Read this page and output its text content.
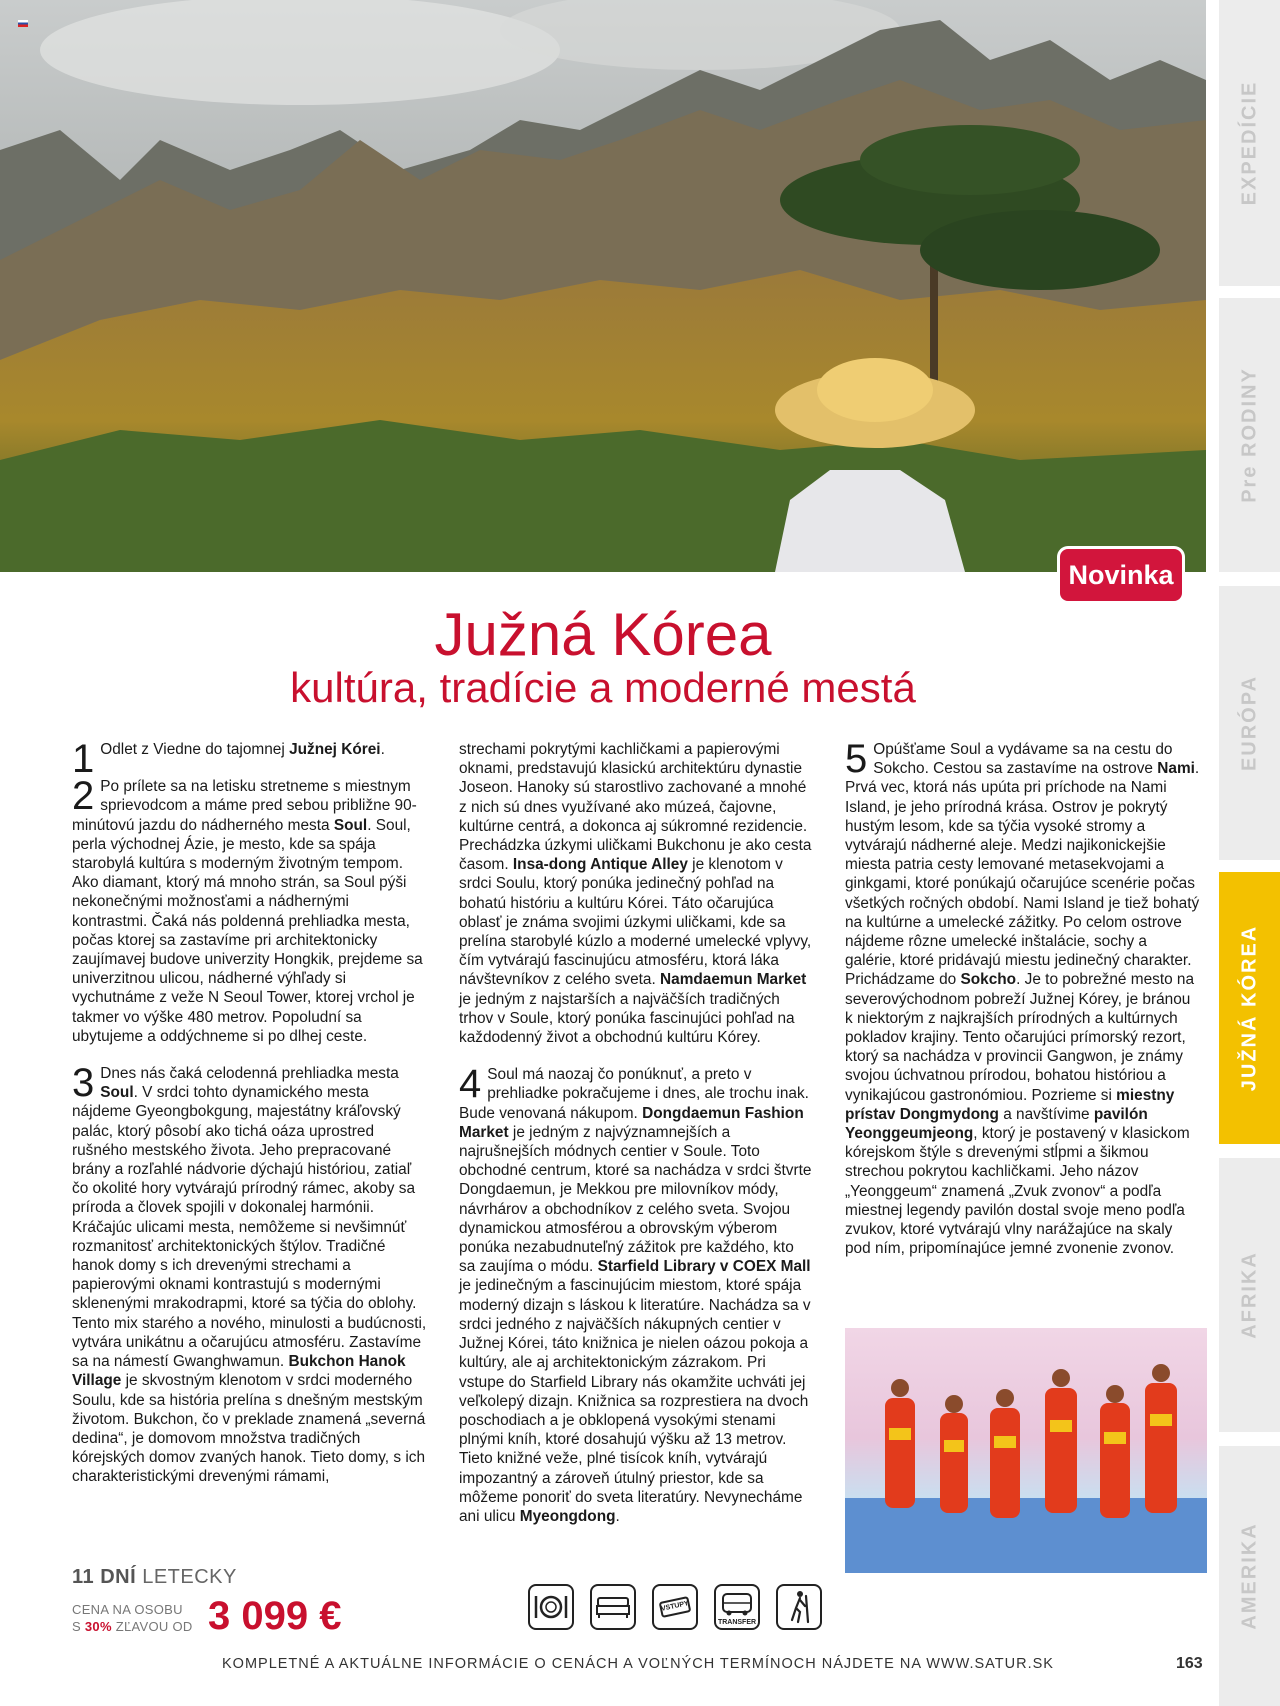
Novinka
EXPEDÍCIE
Pre RODINY
EURÓPA
JUŽNÁ KÓREA
AFRIKA
AMERIKA
Južná Kórea
kultúra, tradície a moderné mestá
1 Odlet z Viedne do tajomnej Južnej Kórei.

2 Po prílete sa na letisku stretneme s miestnym sprievodcom a máme pred sebou približne 90-minútovú jazdu do nádherného mesta Soul. Soul, perla východnej Ázie, je mesto, kde sa spája starobylá kultúra s moderným životným tempom. Ako diamant, ktorý má mnoho strán, sa Soul pýši nekonečnými možnosťami a nádhernými kontrastmi. Čaká nás poldenná prehliadka mesta, počas ktorej sa zastavíme pri architektonicky zaujímavej budove univerzity Hongkik, prejdeme sa univerzitnou ulicou, nádherné výhľady si vychutnáme z veže N Seoul Tower, ktorej vrchol je takmer vo výške 480 metrov. Popoludní sa ubytujeme a oddýchneme si po dlhej ceste.

3 Dnes nás čaká celodenná prehliadka mesta Soul. V srdci tohto dynamického mesta nájdeme Gyeongbokgung, majestátny kráľovský palác, ktorý pôsobí ako tichá oáza uprostred rušného mestského života. Jeho prepracované brány a rozľahlé nádvorie dýchajú históriou, zatiaľ čo okolité hory vytvárajú prírodný rámec, akoby sa príroda a človek spojili v dokonalej harmónii. Kráčajúc ulicami mesta, nemôžeme si nevšimnúť rozmanitosť architektonických štýlov. Tradičné hanok domy s ich drevenými strechami a papierovými oknami kontrastujú s modernými sklenenými mrakodrapmi, ktoré sa týčia do oblohy. Tento mix starého a nového, minulosti a budúcnosti, vytvára unikátnu a očarujúcu atmosféru. Zastavíme sa na námestí Gwanghwamun. Bukchon Hanok Village je skvostným klenotom v srdci moderného Soulu, kde sa história prelína s dnešným mestským životom. Bukchon, čo v preklade znamená „severná dedina“, je domovom množstva tradičných kórejských domov zvaných hanok. Tieto domy, s ich charakteristickými drevenými rámami,

strechami pokrytými kachličkami a papierovými oknami, predstavujú klasickú architektúru dynastie Joseon. Hanoky sú starostlivo zachované a mnohé z nich sú dnes využívané ako múzeá, čajovne, kultúrne centrá, a dokonca aj súkromné rezidencie. Prechádzka úzkymi uličkami Bukchonu je ako cesta časom. Insa-dong Antique Alley je klenotom v srdci Soulu, ktorý ponúka jedinečný pohľad na bohatú históriu a kultúru Kórei. Táto očarujúca oblasť je známa svojimi úzkymi uličkami, kde sa prelína starobylé kúzlo a moderné umelecké vplyvy, čím vytvárajú fascinujúcu atmosféru, ktorá láka návštevníkov z celého sveta. Namdaemun Market je jedným z najstarších a najväčších tradičných trhov v Soule, ktorý ponúka fascinujúci pohľad na každodenný život a obchodnú kultúru Kórey.

4 Soul má naozaj čo ponúknuť, a preto v prehliadke pokračujeme i dnes, ale trochu inak. Bude venovaná nákupom. Dongdaemun Fashion Market je jedným z najvýznamnejších a najrušnejších módnych centier v Soule. Toto obchodné centrum, ktoré sa nachádza v srdci štvrte Dongdaemun, je Mekkou pre milovníkov módy, návrhárov a obchodníkov z celého sveta. Svojou dynamickou atmosférou a obrovským výberom ponúka nezabudnuteľný zážitok pre každého, kto sa zaujíma o módu. Starfield Library v COEX Mall je jedinečným a fascinujúcim miestom, ktoré spája moderný dizajn s láskou k literatúre. Nachádza sa v srdci jedného z najväčších nákupných centier v Južnej Kórei, táto knižnica je nielen oázou pokoja a kultúry, ale aj architektonickým zázrakom. Pri vstupe do Starfield Library nás okamžite uchváti jej veľkolepý dizajn. Knižnica sa rozprestiera na dvoch poschodiach a je obklopená vysokými stenami plnými kníh, ktoré dosahujú výšku až 13 metrov. Tieto knižné veže, plné tisícok kníh, vytvárajú impozantný a zároveň útulný priestor, kde sa môžeme ponoriť do sveta literatúry. Nevynecháme ani ulicu Myeongdong.

5 Opúšťame Soul a vydávame sa na cestu do Sokcho. Cestou sa zastavíme na ostrove Nami. Prvá vec, ktorá nás upúta pri príchode na Nami Island, je jeho prírodná krása. Ostrov je pokrytý hustým lesom, kde sa týčia vysoké stromy a vytvárajú nádherné aleje. Medzi najikonickejšie miesta patria cesty lemované metasekvojami a ginkgami, ktoré ponúkajú očarujúce scenérie počas všetkých ročných období. Nami Island je tiež bohatý na kultúrne a umelecké zážitky. Po celom ostrove nájdeme rôzne umelecké inštalácie, sochy a galérie, ktoré pridávajú miestu jedinečný charakter. Prichádzame do Sokcho. Je to pobrežné mesto na severovýchodnom pobreží Južnej Kórey, je bránou k niektorým z najkrajších prírodných a kultúrnych pokladov krajiny. Tento očarujúci prímorský rezort, ktorý sa nachádza v provincii Gangwon, je známy svojou úchvatnou prírodou, bohatou históriou a vynikajúcou gastronómiou. Pozrieme si miestny prístav Dongmydong a navštívime pavilón Yeonggeumjeong, ktorý je postavený v klasickom kórejskom štýle s drevenými stĺpmi a šikmou strechou pokrytou kachličkami. Jeho názov „Yeonggeum“ znamená „Zvuk zvonov“ a podľa miestnej legendy pavilón dostal svoje meno podľa zvukov, ktoré vytvárajú vlny narážajúce na skaly pod ním, pripomínajúce jemné zvonenie zvonov.

11 DNÍ LETECKY
CENA NA OSOBU
S 30% ZĽAVOU OD 3 099 €	VSTUPY
TRANSFER
KOMPLETNÉ A AKTUÁLNE INFORMÁCIE O CENÁCH A VOĽNÝCH TERMÍNOCH NÁJDETE NA WWW.SATUR.SK	163
